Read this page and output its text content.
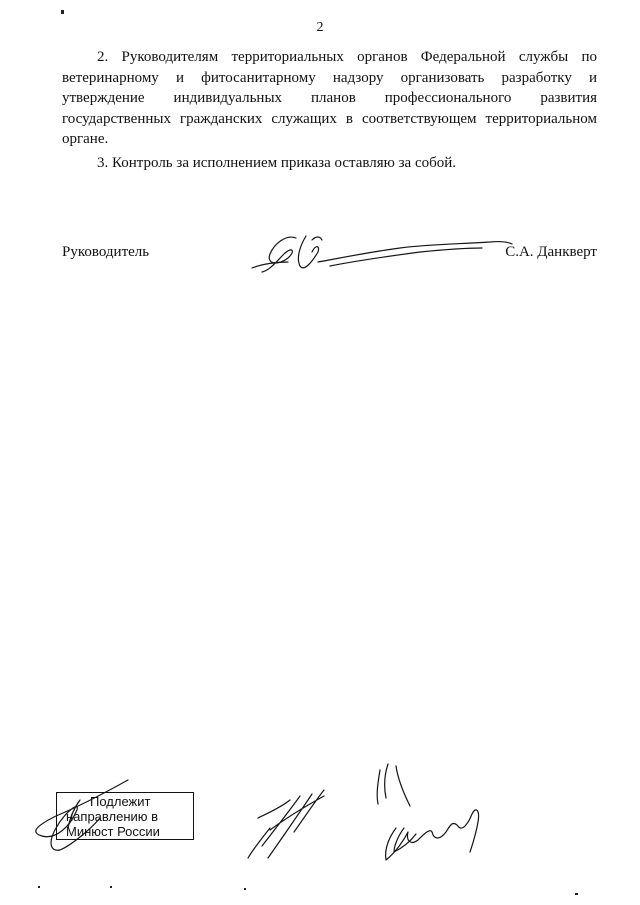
2

2. Руководителям территориальных органов Федеральной службы по ветеринарному и фитосанитарному надзору организовать разработку и утверждение индивидуальных планов профессионального развития государственных гражданских служащих в соответствующем территориальном органе.

3. Контроль за исполнением приказа оставляю за собой.

Руководитель	С.А. Данкверт
Подлежит
направлению в
Минюст России
